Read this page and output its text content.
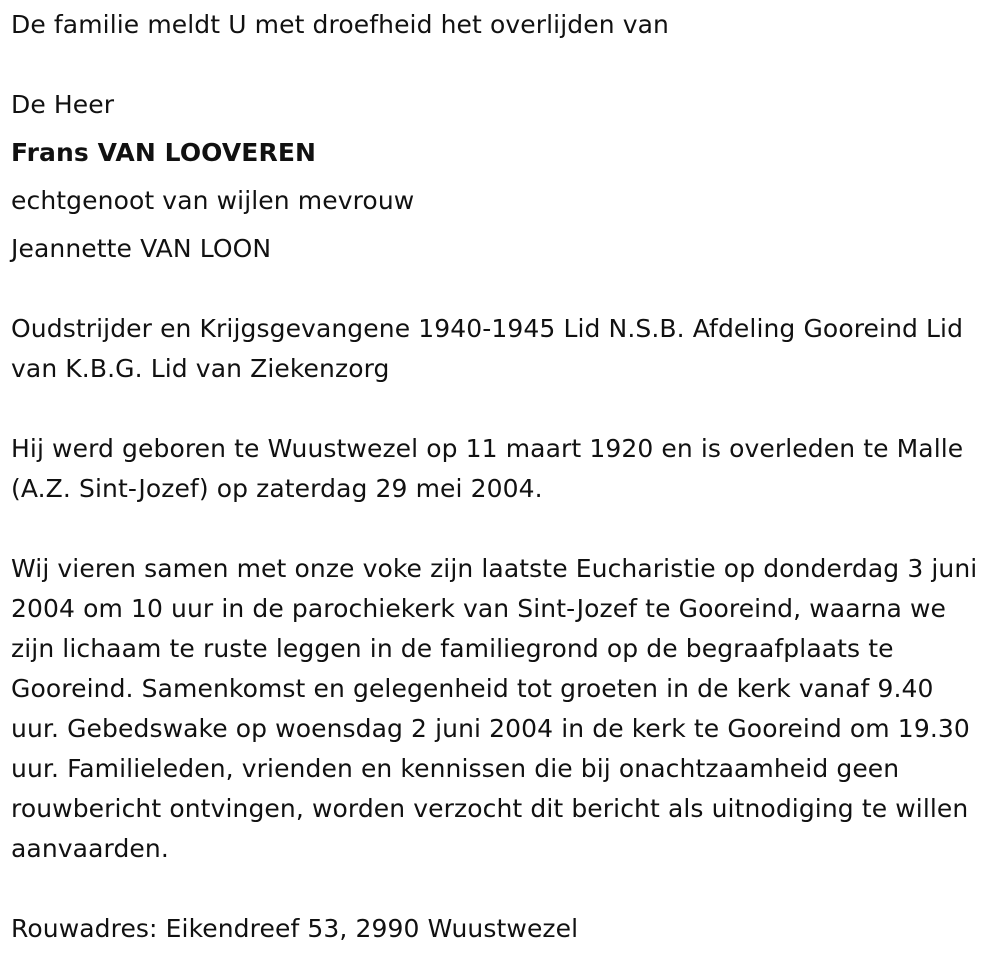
De familie meldt U met droefheid het overlijden van
De Heer
Frans VAN LOOVEREN
echtgenoot van wijlen mevrouw
Jeannette VAN LOON
Oudstrijder en Krijgsgevangene 1940-1945 Lid N.S.B. Afdeling Gooreind Lid van K.B.G. Lid van Ziekenzorg
Hij werd geboren te Wuustwezel op 11 maart 1920 en is overleden te Malle (A.Z. Sint-Jozef) op zaterdag 29 mei 2004.
Wij vieren samen met onze voke zijn laatste Eucharistie op donderdag 3 juni 2004 om 10 uur in de parochiekerk van Sint-Jozef te Gooreind, waarna we zijn lichaam te ruste leggen in de familiegrond op de begraafplaats te Gooreind. Samenkomst en gelegenheid tot groeten in de kerk vanaf 9.40 uur. Gebedswake op woensdag 2 juni 2004 in de kerk te Gooreind om 19.30 uur. Familieleden, vrienden en kennissen die bij onachtzaamheid geen rouwbericht ontvingen, worden verzocht dit bericht als uitnodiging te willen aanvaarden.
Rouwadres: Eikendreef 53, 2990 Wuustwezel
